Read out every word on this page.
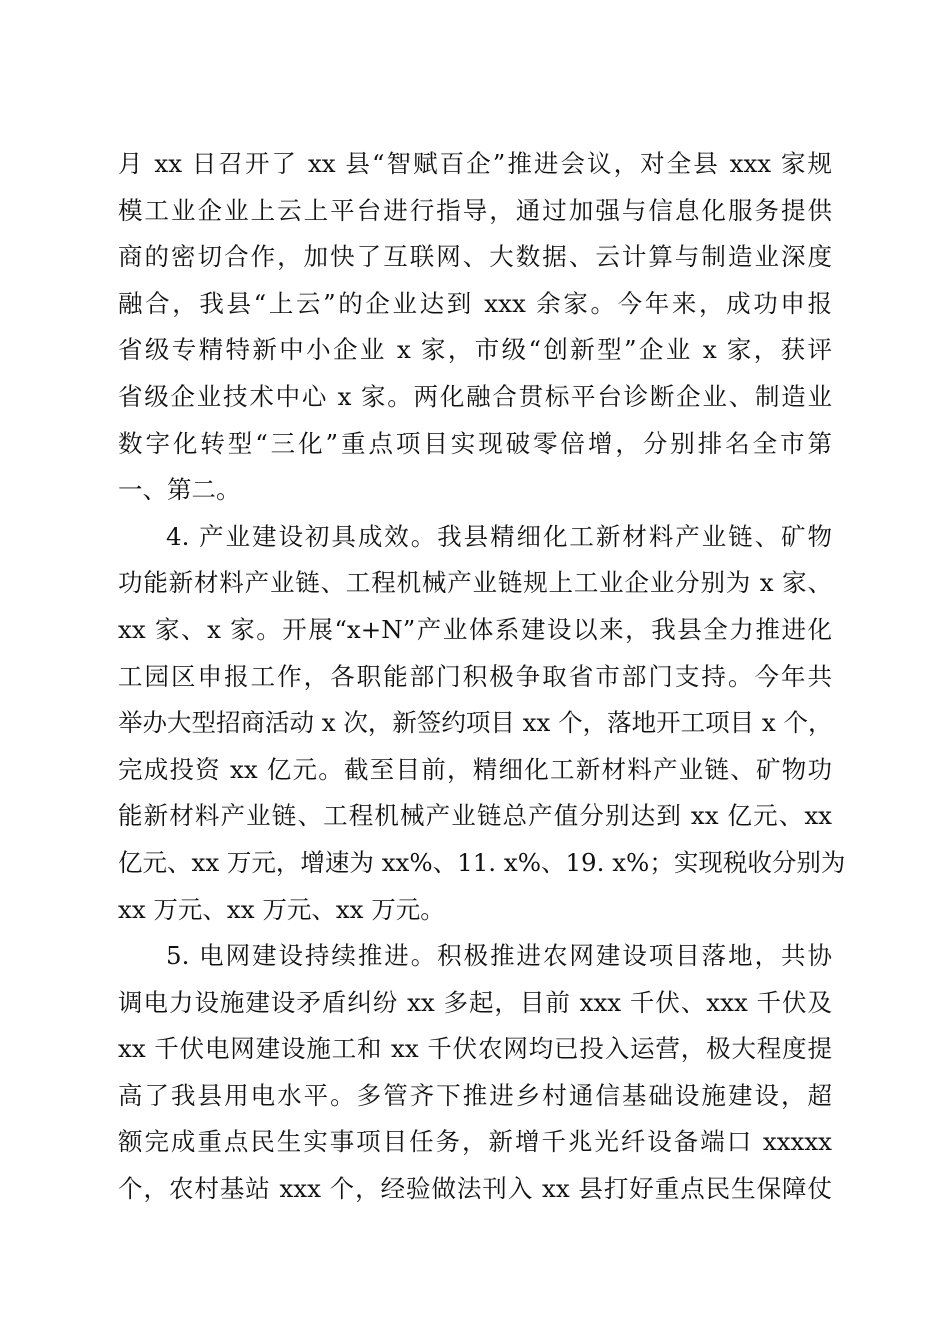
月 xx 日召开了 xx 县“智赋百企”推进会议，对全县 xxx 家规
模工业企业上云上平台进行指导，通过加强与信息化服务提供
商的密切合作，加快了互联网、大数据、云计算与制造业深度
融合，我县“上云”的企业达到 xxx 余家。今年来，成功申报
省级专精特新中小企业 x 家，市级“创新型”企业 x 家，获评
省级企业技术中心 x 家。两化融合贯标平台诊断企业、制造业
数字化转型“三化”重点项目实现破零倍增，分别排名全市第
一、第二。
4. 产业建设初具成效。我县精细化工新材料产业链、矿物
功能新材料产业链、工程机械产业链规上工业企业分别为 x 家、
xx 家、x 家。开展“x+N”产业体系建设以来，我县全力推进化
工园区申报工作，各职能部门积极争取省市部门支持。今年共
举办大型招商活动 x 次，新签约项目 xx 个，落地开工项目 x 个，
完成投资 xx 亿元。截至目前，精细化工新材料产业链、矿物功
能新材料产业链、工程机械产业链总产值分别达到 xx 亿元、xx
亿元、xx 万元，增速为 xx%、11. x%、19. x%；实现税收分别为
xx 万元、xx 万元、xx 万元。
5. 电网建设持续推进。积极推进农网建设项目落地，共协
调电力设施建设矛盾纠纷 xx 多起，目前 xxx 千伏、xxx 千伏及
xx 千伏电网建设施工和 xx 千伏农网均已投入运营，极大程度提
高了我县用电水平。多管齐下推进乡村通信基础设施建设，超
额完成重点民生实事项目任务，新增千兆光纤设备端口 xxxxx
个，农村基站 xxx 个，经验做法刊入 xx 县打好重点民生保障仗
